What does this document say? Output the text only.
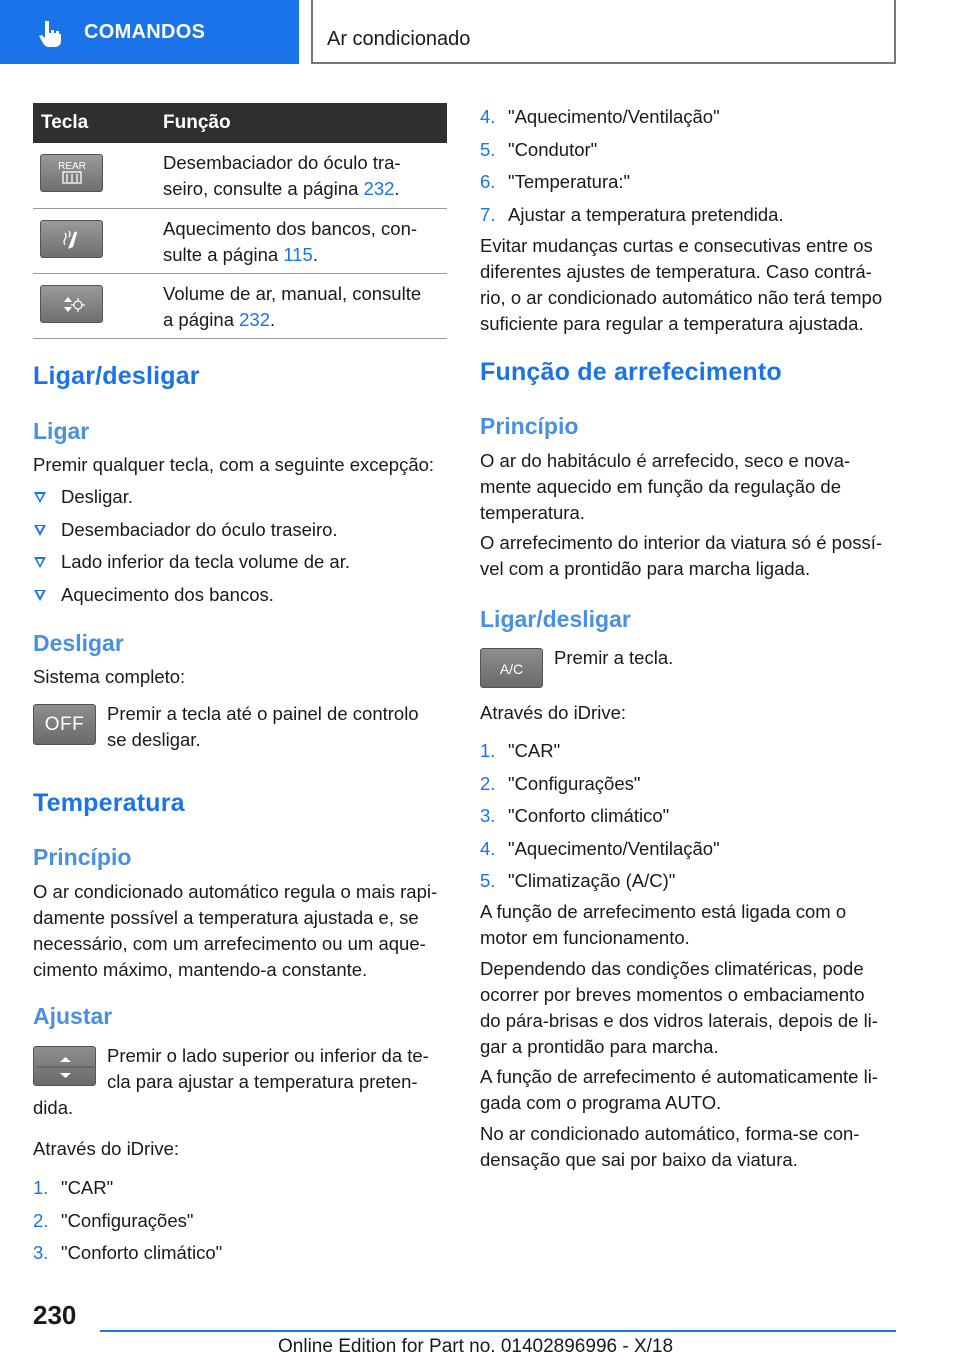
COMANDOS	Ar condicionado
Tecla	Função
REAR	Desembaciador do óculo tra-
seiro, consulte a página 232.
Aquecimento dos bancos, con-
sulte a página 115.
Volume de ar, manual, consulte
a página 232.
Ligar/desligar
Ligar

Premir qualquer tecla, com a seguinte excepção:

Desligar.
Desembaciador do óculo traseiro.
Lado inferior da tecla volume de ar.
Aquecimento dos bancos.
Desligar

Sistema completo:

OFF

Premir a tecla até o painel de controlo

se desligar.

Temperatura
Princípio

O ar condicionado automático regula o mais rapi-

damente possível a temperatura ajustada e, se

necessário, com um arrefecimento ou um aque-

cimento máximo, mantendo-a constante.

Ajustar

Premir o lado superior ou inferior da te-

cla para ajustar a temperatura preten-

dida.

Através do iDrive:

1. "CAR"
2. "Configurações"
3. "Conforto climático"
4. "Aquecimento/Ventilação"
5. "Condutor"
6. "Temperatura:"
7. Ajustar a temperatura pretendida.

Evitar mudanças curtas e consecutivas entre os

diferentes ajustes de temperatura. Caso contrá-

rio, o ar condicionado automático não terá tempo

suficiente para regular a temperatura ajustada.

Função de arrefecimento
Princípio

O ar do habitáculo é arrefecido, seco e nova-

mente aquecido em função da regulação de

temperatura.

O arrefecimento do interior da viatura só é possí-

vel com a prontidão para marcha ligada.

Ligar/desligar
A/C

Premir a tecla.

Através do iDrive:

1. "CAR"
2. "Configurações"
3. "Conforto climático"
4. "Aquecimento/Ventilação"
5. "Climatização (A/C)"

A função de arrefecimento está ligada com o

motor em funcionamento.

Dependendo das condições climatéricas, pode

ocorrer por breves momentos o embaciamento

do pára-brisas e dos vidros laterais, depois de li-

gar a prontidão para marcha.

A função de arrefecimento é automaticamente li-

gada com o programa AUTO.

No ar condicionado automático, forma-se con-

densação que sai por baixo da viatura.

230
Online Edition for Part no. 01402896996 - X/18
